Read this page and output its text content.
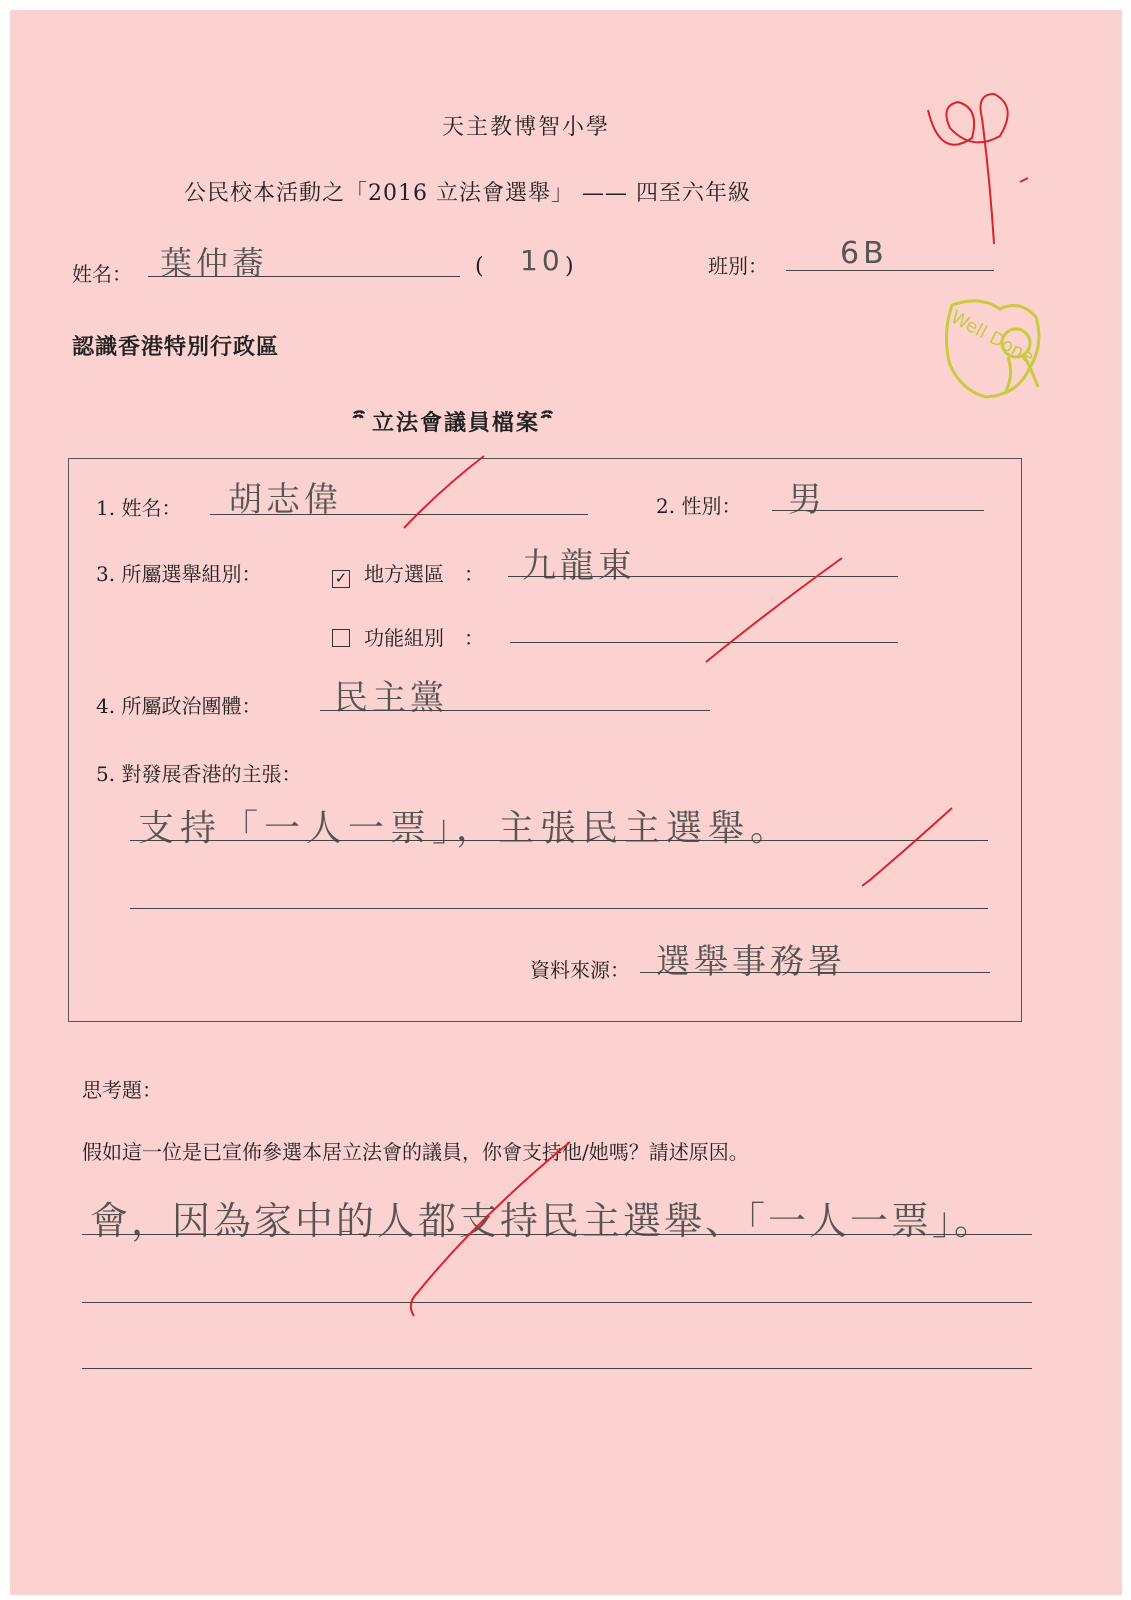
天主教博智小學
公民校本活動之「2016 立法會選舉」 —— 四至六年級
姓名： 葉仲蕎	( 10 )	班別： 6B
認識香港特別行政區	Well Done
立法會議員檔案
1. 姓名： 胡志偉	2. 性別： 男
3. 所屬選舉組別：	✓ 地方選區 ： 九龍東
功能組別 ：
4. 所屬政治團體： 民主黨
5. 對發展香港的主張：
支持「一人一票」，主張民主選舉。
資料來源： 選舉事務署
思考題：
假如這一位是已宣佈參選本居立法會的議員，你會支持他/她嗎？請述原因。
會，因為家中的人都支持民主選舉、「一人一票」。
